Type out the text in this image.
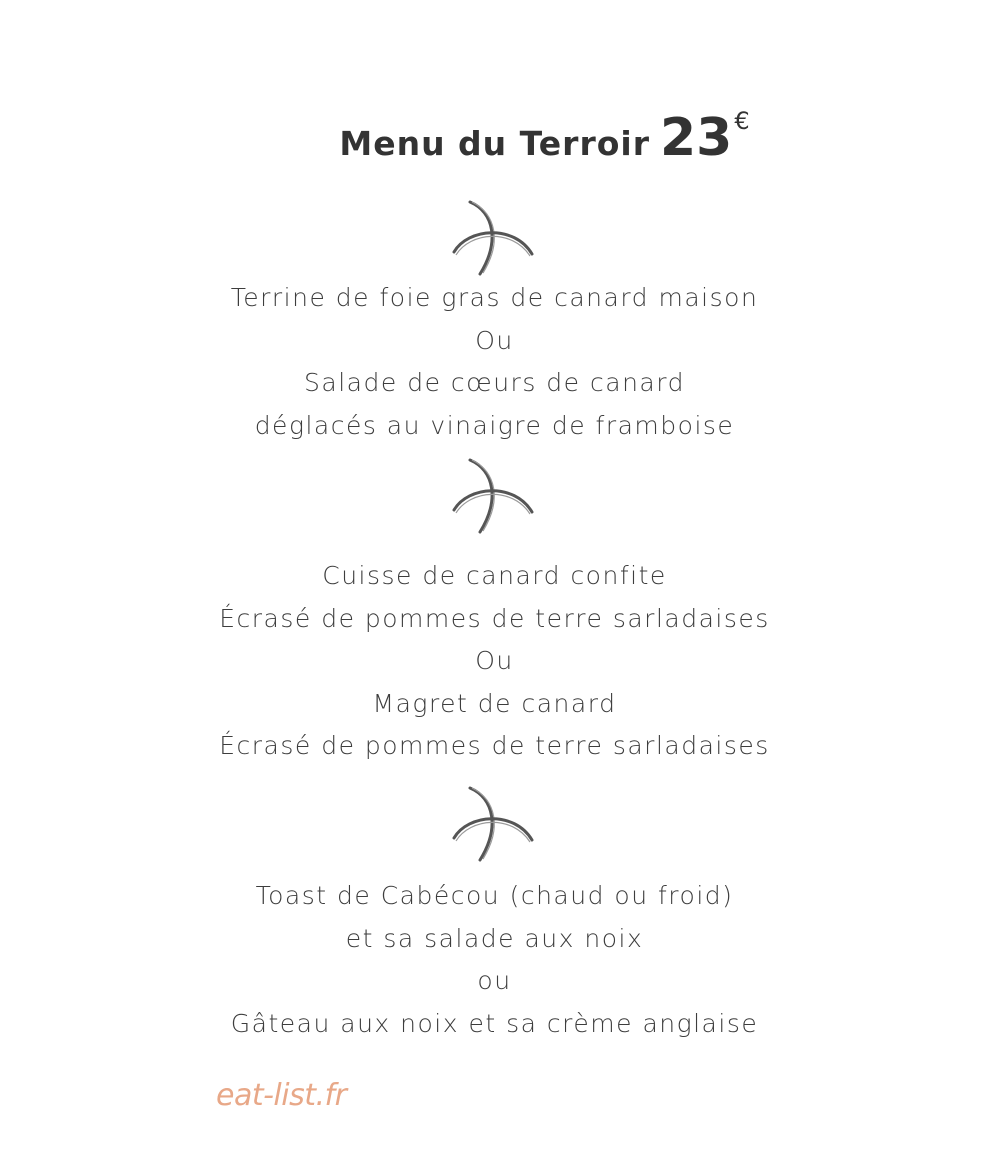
Menu du Terroir 23€
Terrine de foie gras de canard maison
Ou
Salade de cœurs de canard
déglacés au vinaigre de framboise
Cuisse de canard confite
Écrasé de pommes de terre sarladaises
Ou
Magret de canard
Écrasé de pommes de terre sarladaises
Toast de Cabécou (chaud ou froid)
et sa salade aux noix
ou
Gâteau aux noix et sa crème anglaise
eat-list.fr
